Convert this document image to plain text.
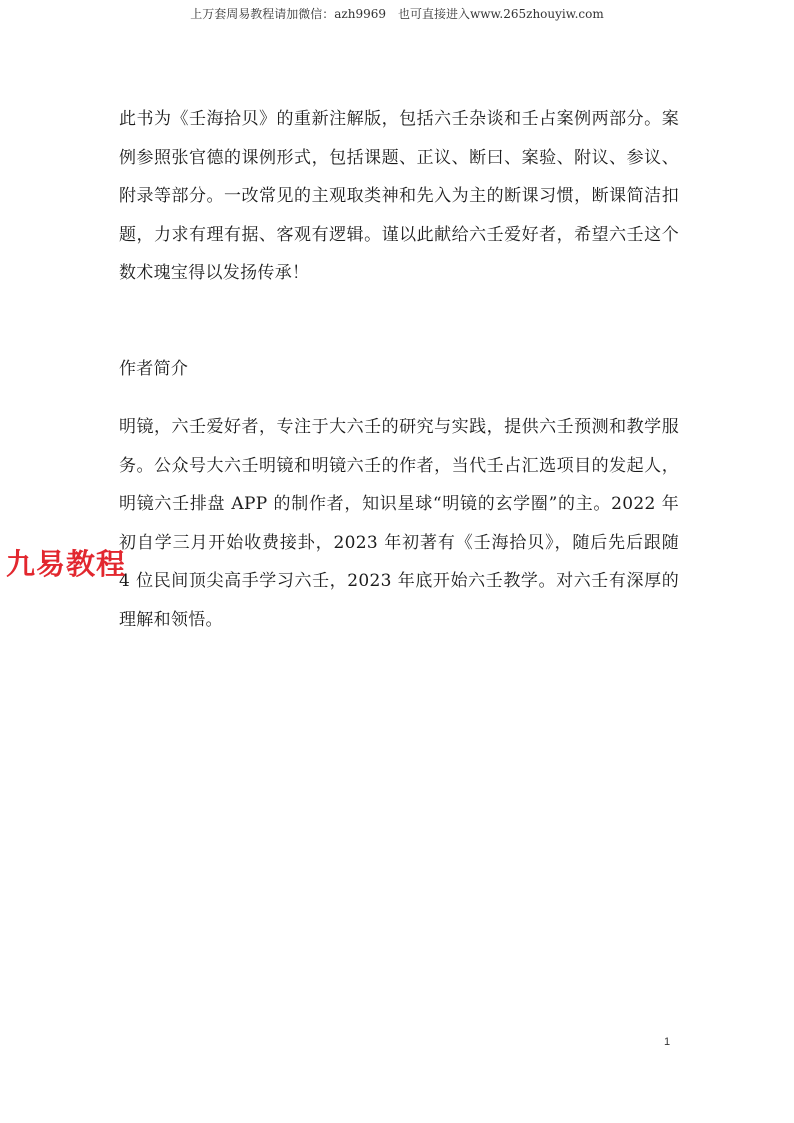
上万套周易教程请加微信：azh9969　也可直接进入www.265zhouyiw.com

此书为《壬海拾贝》的重新注解版，包括六壬杂谈和壬占案例两部分。案例参照张官德的课例形式，包括课题、正议、断曰、案验、附议、参议、附录等部分。一改常见的主观取类神和先入为主的断课习惯，断课简洁扣题，力求有理有据、客观有逻辑。谨以此献给六壬爱好者，希望六壬这个数术瑰宝得以发扬传承！

作者简介

明镜，六壬爱好者，专注于大六壬的研究与实践，提供六壬预测和教学服务。公众号大六壬明镜和明镜六壬的作者，当代壬占汇选项目的发起人，明镜六壬排盘 APP 的制作者，知识星球“明镜的玄学圈”的主。2022 年初自学三月开始收费接卦，2023 年初著有《壬海拾贝》，随后先后跟随 4 位民间顶尖高手学习六壬，2023 年底开始六壬教学。对六壬有深厚的理解和领悟。

九易教程
1
